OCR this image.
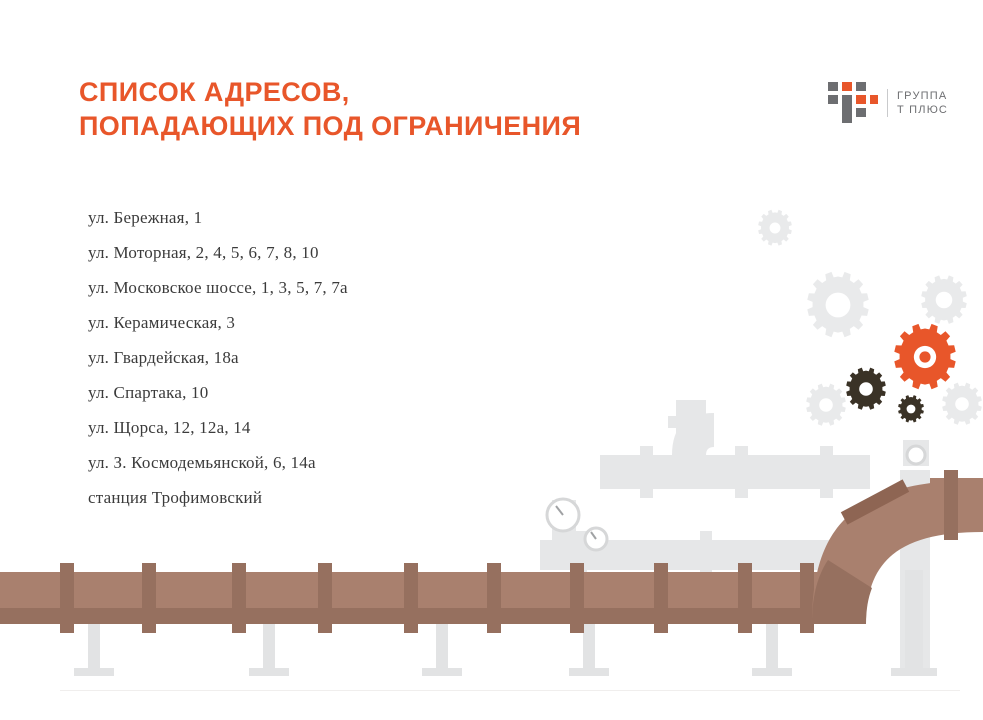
СПИСОК АДРЕСОВ,
ПОПАДАЮЩИХ ПОД ОГРАНИЧЕНИЯ
ГРУППА
Т ПЛЮС
ул. Бережная, 1
ул. Моторная, 2, 4, 5, 6, 7, 8, 10
ул. Московское шоссе, 1, 3, 5, 7, 7а
ул. Керамическая, 3
ул. Гвардейская, 18а
ул. Спартака, 10
ул. Щорса, 12, 12а, 14
ул. З. Космодемьянской, 6, 14а
станция Трофимовский
